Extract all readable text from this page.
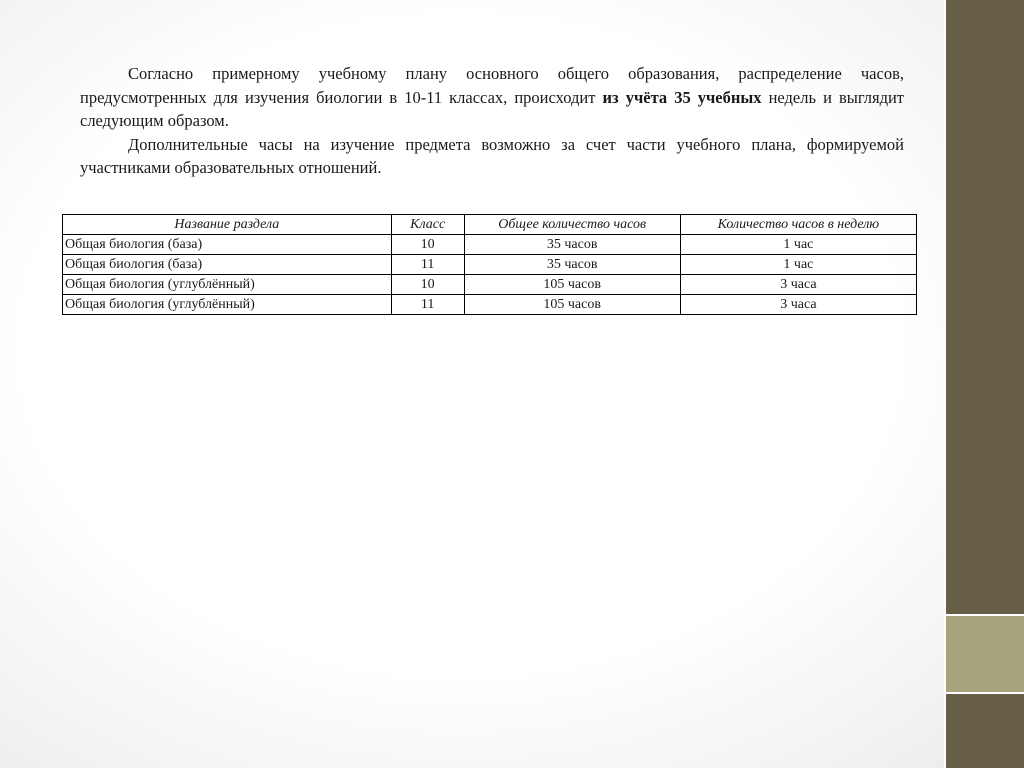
Согласно примерному учебному плану основного общего образования, распределение часов, предусмотренных для изучения биологии в 10-11 классах, происходит из учёта 35 учебных недель и выглядит следующим образом.

Дополнительные часы на изучение предмета возможно за счет части учебного плана, формируемой участниками образовательных отношений.

Название раздела	Класс	Общее количество часов	Количество часов в неделю
Общая биология (база)	10	35 часов	1 час
Общая биология (база)	11	35 часов	1 час
Общая биология (углублённый)	10	105 часов	3 часа
Общая биология (углублённый)	11	105 часов	3 часа
